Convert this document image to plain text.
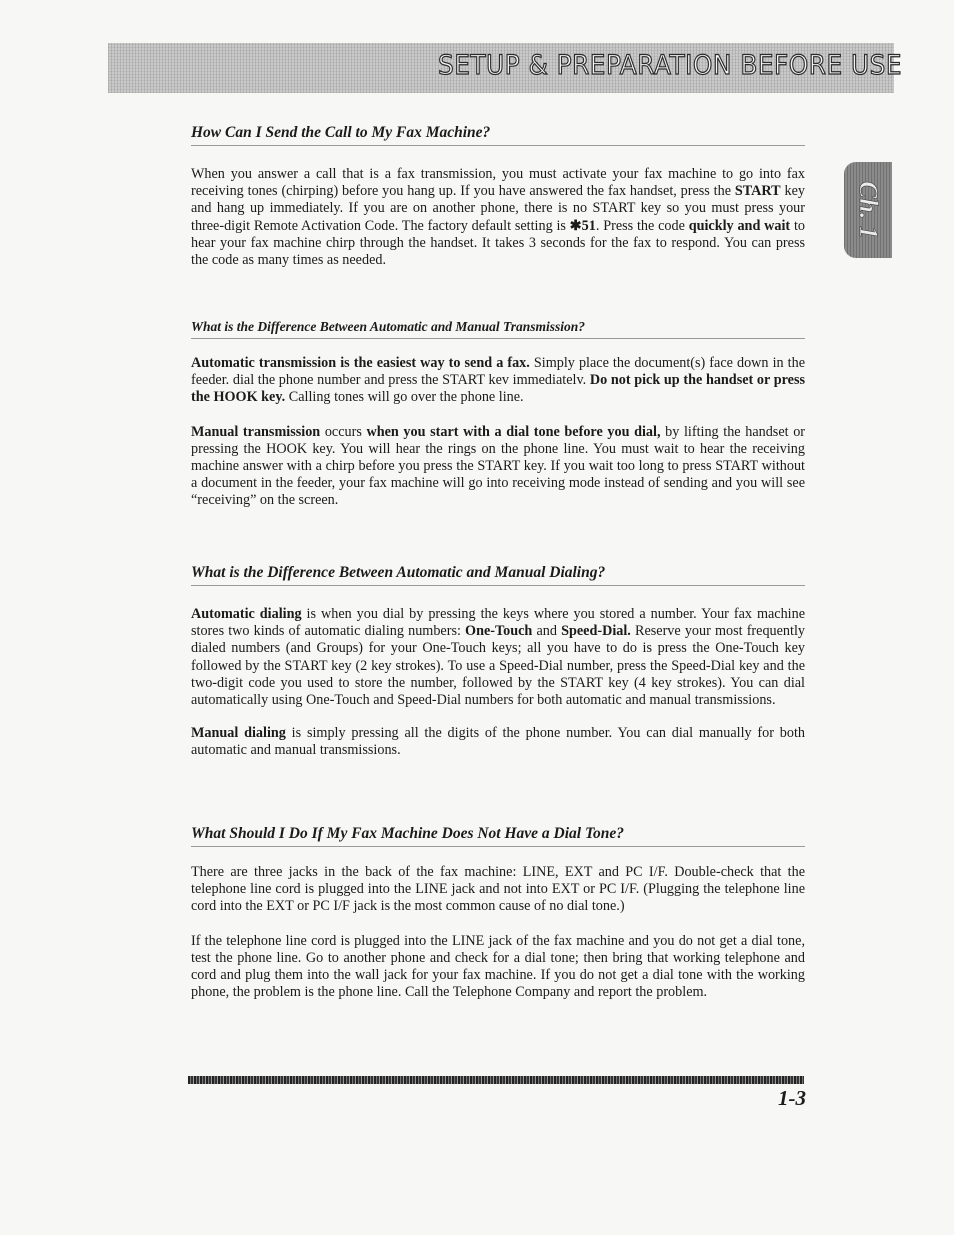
SETUP & PREPARATION BEFORE USE
Ch. 1
How Can I Send the Call to My Fax Machine?

When you answer a call that is a fax transmission, you must activate your fax machine to go into fax receiving tones (chirping) before you hang up. If you have answered the fax handset, press the START key and hang up immediately. If you are on another phone, there is no START key so you must press your three-digit Remote Activation Code. The factory default setting is ✱51. Press the code quickly and wait to hear your fax machine chirp through the handset. It takes 3 seconds for the fax to respond. You can press the code as many times as needed.

What is the Difference Between Automatic and Manual Transmission?

Automatic transmission is the easiest way to send a fax. Simply place the document(s) face down in the feeder. dial the phone number and press the START kev immediatelv. Do not pick up the handset or press the HOOK key. Calling tones will go over the phone line.

Manual transmission occurs when you start with a dial tone before you dial, by lifting the handset or pressing the HOOK key. You will hear the rings on the phone line. You must wait to hear the receiving machine answer with a chirp before you press the START key. If you wait too long to press START without a document in the feeder, your fax machine will go into receiving mode instead of sending and you will see “receiving” on the screen.

What is the Difference Between Automatic and Manual Dialing?

Automatic dialing is when you dial by pressing the keys where you stored a number. Your fax machine stores two kinds of automatic dialing numbers: One-Touch and Speed-Dial. Reserve your most frequently dialed numbers (and Groups) for your One-Touch keys; all you have to do is press the One-Touch key followed by the START key (2 key strokes). To use a Speed-Dial number, press the Speed-Dial key and the two-digit code you used to store the number, followed by the START key (4 key strokes). You can dial automatically using One-Touch and Speed-Dial numbers for both automatic and manual transmissions.

Manual dialing is simply pressing all the digits of the phone number. You can dial manually for both automatic and manual transmissions.

What Should I Do If My Fax Machine Does Not Have a Dial Tone?

There are three jacks in the back of the fax machine: LINE, EXT and PC I/F. Double-check that the telephone line cord is plugged into the LINE jack and not into EXT or PC I/F. (Plugging the telephone line cord into the EXT or PC I/F jack is the most common cause of no dial tone.)

If the telephone line cord is plugged into the LINE jack of the fax machine and you do not get a dial tone, test the phone line. Go to another phone and check for a dial tone; then bring that working telephone and cord and plug them into the wall jack for your fax machine. If you do not get a dial tone with the working phone, the problem is the phone line. Call the Telephone Company and report the problem.

1-3
